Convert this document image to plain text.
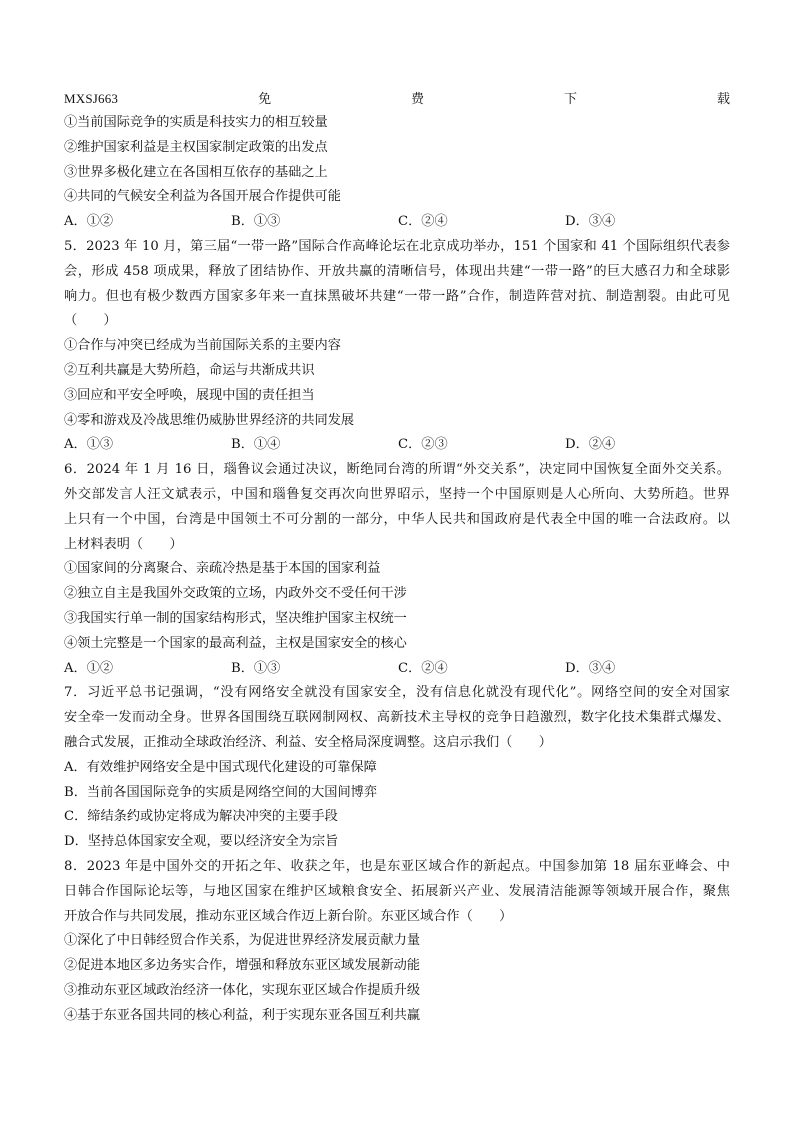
MXSJ663	免	费	下	载
①当前国际竞争的实质是科技实力的相互较量
②维护国家利益是主权国家制定政策的出发点
③世界多极化建立在各国相互依存的基础之上
④共同的气候安全利益为各国开展合作提供可能
A．①②	B．①③	C．②④	D．③④
5．2023 年 10 月，第三届“一带一路”国际合作高峰论坛在北京成功举办，151 个国家和 41 个国际组织代表参
会，形成 458 项成果，释放了团结协作、开放共赢的清晰信号，体现出共建“一带一路”的巨大感召力和全球影
响力。但也有极少数西方国家多年来一直抹黑破坏共建“一带一路”合作，制造阵营对抗、制造割裂。由此可见
（　　）
①合作与冲突已经成为当前国际关系的主要内容
②互利共赢是大势所趋，命运与共渐成共识
③回应和平安全呼唤，展现中国的责任担当
④零和游戏及冷战思维仍威胁世界经济的共同发展
A．①③	B．①④	C．②③	D．②④
6．2024 年 1 月 16 日，瑙鲁议会通过决议，断绝同台湾的所谓“外交关系”，决定同中国恢复全面外交关系。
外交部发言人汪文斌表示，中国和瑙鲁复交再次向世界昭示，坚持一个中国原则是人心所向、大势所趋。世界
上只有一个中国，台湾是中国领土不可分割的一部分，中华人民共和国政府是代表全中国的唯一合法政府。以
上材料表明（　　）
①国家间的分离聚合、亲疏冷热是基于本国的国家利益
②独立自主是我国外交政策的立场，内政外交不受任何干涉
③我国实行单一制的国家结构形式，坚决维护国家主权统一
④领土完整是一个国家的最高利益，主权是国家安全的核心
A．①②	B．①③	C．②④	D．③④
7．习近平总书记强调，“没有网络安全就没有国家安全，没有信息化就没有现代化”。网络空间的安全对国家
安全牵一发而动全身。世界各国围绕互联网制网权、高新技术主导权的竞争日趋激烈，数字化技术集群式爆发、
融合式发展，正推动全球政治经济、利益、安全格局深度调整。这启示我们（　　）
A．有效维护网络安全是中国式现代化建设的可靠保障
B．当前各国国际竞争的实质是网络空间的大国间博弈
C．缔结条约或协定将成为解决冲突的主要手段
D．坚持总体国家安全观，要以经济安全为宗旨
8．2023 年是中国外交的开拓之年、收获之年，也是东亚区域合作的新起点。中国参加第 18 届东亚峰会、中
日韩合作国际论坛等，与地区国家在维护区域粮食安全、拓展新兴产业、发展清洁能源等领域开展合作，聚焦
开放合作与共同发展，推动东亚区域合作迈上新台阶。东亚区域合作（　　）
①深化了中日韩经贸合作关系，为促进世界经济发展贡献力量
②促进本地区多边务实合作，增强和释放东亚区域发展新动能
③推动东亚区域政治经济一体化，实现东亚区域合作提质升级
④基于东亚各国共同的核心利益，利于实现东亚各国互利共赢
